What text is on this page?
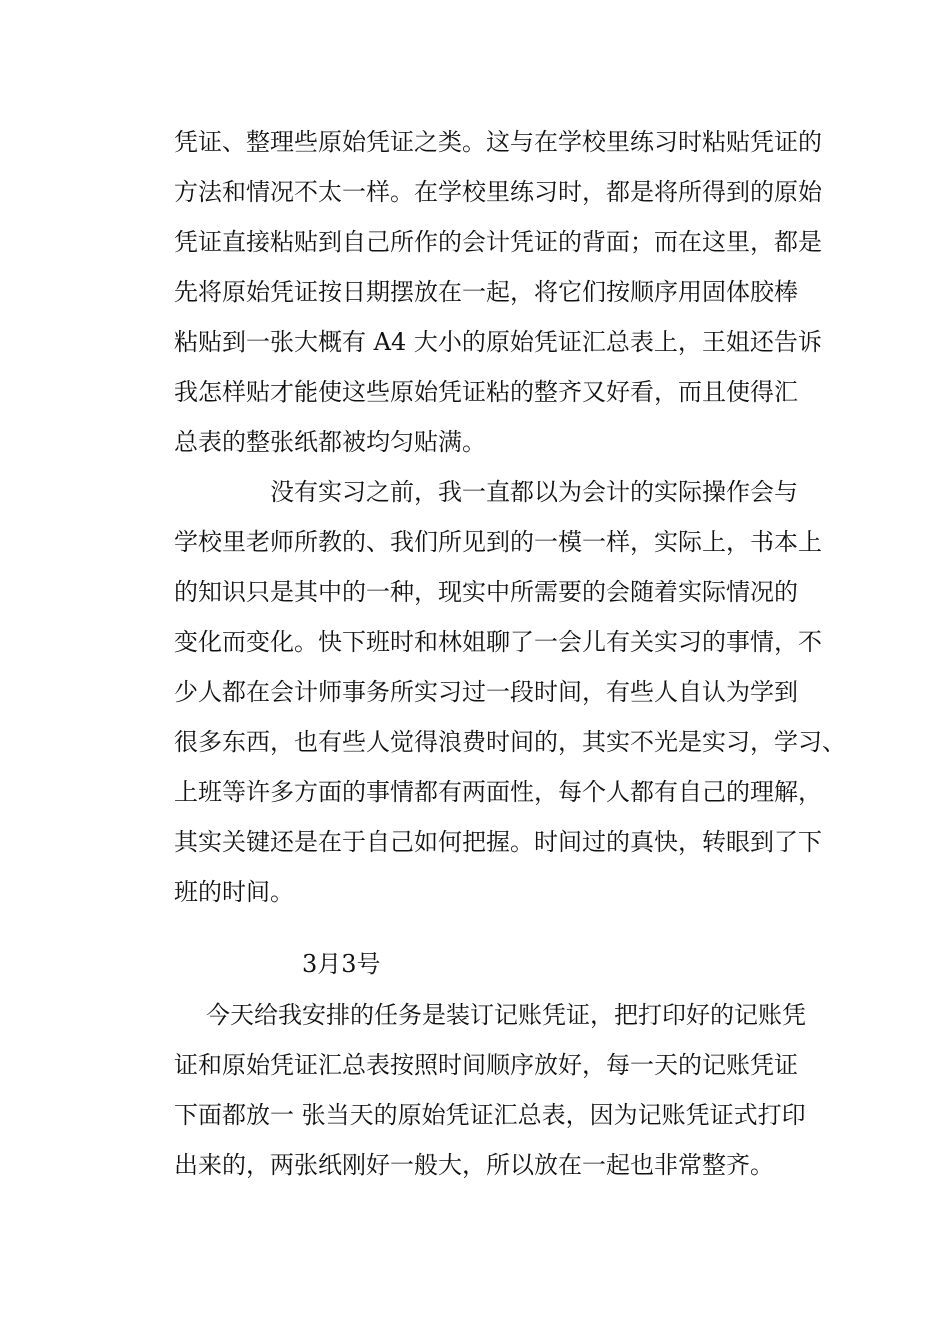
凭证、整理些原始凭证之类。这与在学校里练习时粘贴凭证的
方法和情况不太一样。在学校里练习时，都是将所得到的原始
凭证直接粘贴到自己所作的会计凭证的背面；而在这里，都是
先将原始凭证按日期摆放在一起，将它们按顺序用固体胶棒
粘贴到一张大概有 A4 大小的原始凭证汇总表上，王姐还告诉
我怎样贴才能使这些原始凭证粘的整齐又好看，而且使得汇
总表的整张纸都被均匀贴满。
没有实习之前，我一直都以为会计的实际操作会与
学校里老师所教的、我们所见到的一模一样，实际上，书本上
的知识只是其中的一种，现实中所需要的会随着实际情况的
变化而变化。快下班时和林姐聊了一会儿有关实习的事情，不
少人都在会计师事务所实习过一段时间，有些人自认为学到
很多东西，也有些人觉得浪费时间的，其实不光是实习，学习、
上班等许多方面的事情都有两面性，每个人都有自己的理解，
其实关键还是在于自己如何把握。时间过的真快，转眼到了下
班的时间。
3月3号
今天给我安排的任务是装订记账凭证，把打印好的记账凭
证和原始凭证汇总表按照时间顺序放好，每一天的记账凭证
下面都放一 张当天的原始凭证汇总表，因为记账凭证式打印
出来的，两张纸刚好一般大，所以放在一起也非常整齐。
